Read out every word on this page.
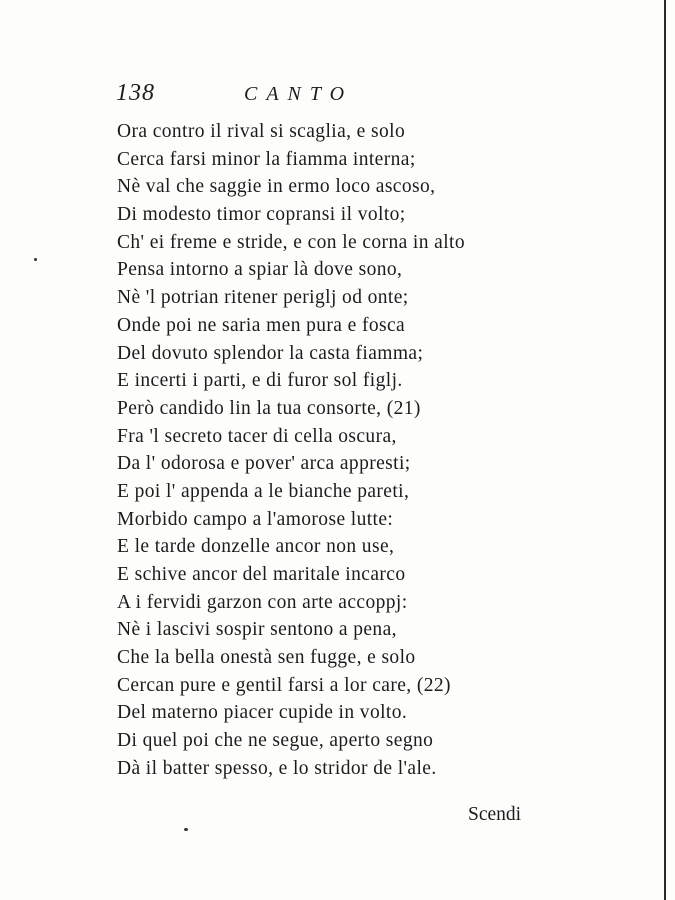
138	CANTO
Ora contro il rival si scaglia, e solo
Cerca farsi minor la fiamma interna;
Nè val che saggie in ermo loco ascoso,
Di modesto timor copransi il volto;
Ch' ei freme e stride, e con le corna in alto
Pensa intorno a spiar là dove sono,
Nè 'l potrian ritener periglj od onte;
Onde poi ne saria men pura e fosca
Del dovuto splendor la casta fiamma;
E incerti i parti, e di furor sol figlj.
Però candido lin la tua consorte, (21)
Fra 'l secreto tacer di cella oscura,
Da l' odorosa e pover' arca appresti;
E poi l' appenda a le bianche pareti,
Morbido campo a l'amorose lutte:
E le tarde donzelle ancor non use,
E schive ancor del maritale incarco
A i fervidi garzon con arte accoppj:
Nè i lascivi sospir sentono a pena,
Che la bella onestà sen fugge, e solo
Cercan pure e gentil farsi a lor care, (22)
Del materno piacer cupide in volto.
Di quel poi che ne segue, aperto segno
Dà il batter spesso, e lo stridor de l'ale.
Scendi
